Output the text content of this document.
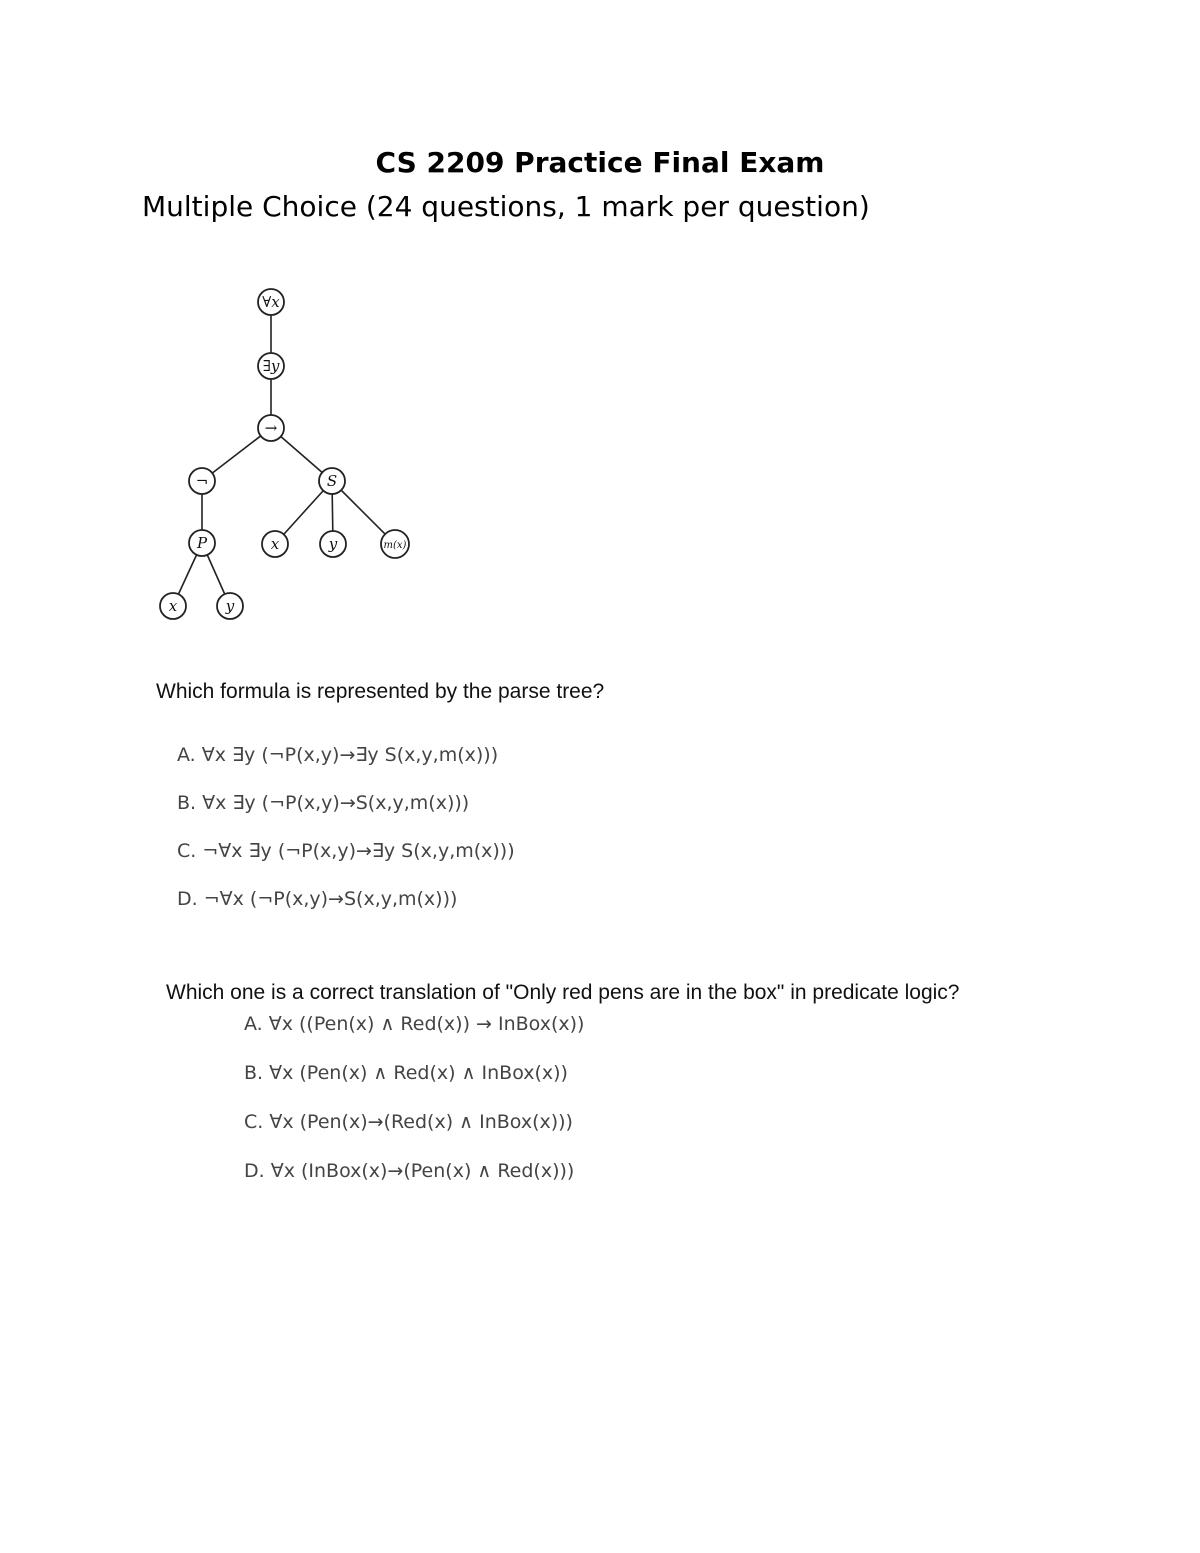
CS 2209 Practice Final Exam

Multiple Choice (24 questions, 1 mark per question)

∀x
∃y
→
¬	S
P	x	y	m(x)
x	y

Which formula is represented by the parse tree?

A. ∀x ∃y (¬P(x,y)→∃y S(x,y,m(x)))

B. ∀x ∃y (¬P(x,y)→S(x,y,m(x)))

C. ¬∀x ∃y (¬P(x,y)→∃y S(x,y,m(x)))

D. ¬∀x (¬P(x,y)→S(x,y,m(x)))

Which one is a correct translation of "Only red pens are in the box" in predicate logic?

A. ∀x ((Pen(x) ∧ Red(x)) → InBox(x))

B. ∀x (Pen(x) ∧ Red(x) ∧ InBox(x))

C. ∀x (Pen(x)→(Red(x) ∧ InBox(x)))

D. ∀x (InBox(x)→(Pen(x) ∧ Red(x)))
